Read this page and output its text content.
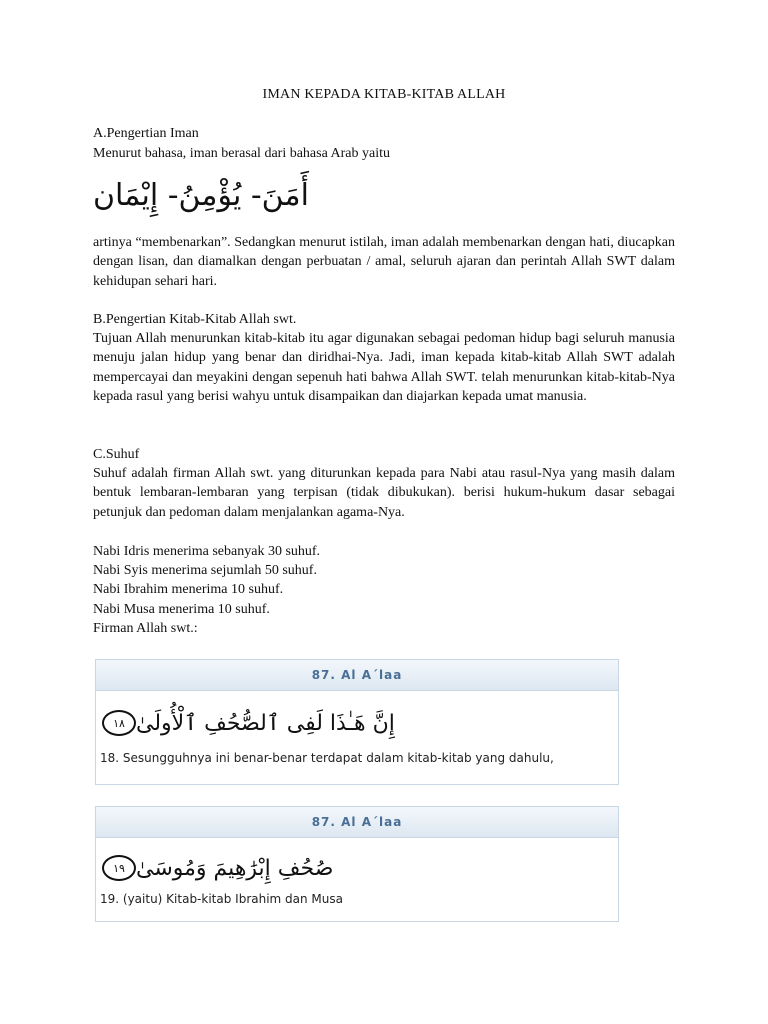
IMAN KEPADA KITAB-KITAB ALLAH
A.Pengertian Iman
Menurut bahasa, iman berasal dari bahasa Arab yaitu
أَمَنَ- يُؤْمِنُ- إِيْمَان
artinya “membenarkan”. Sedangkan menurut istilah, iman adalah membenarkan dengan hati, diucapkan dengan lisan, dan diamalkan dengan perbuatan / amal, seluruh ajaran dan perintah Allah SWT dalam kehidupan sehari hari.
B.Pengertian Kitab-Kitab Allah swt.
Tujuan Allah menurunkan kitab-kitab itu agar digunakan sebagai pedoman hidup bagi seluruh manusia menuju jalan hidup yang benar dan diridhai-Nya. Jadi, iman kepada kitab-kitab Allah SWT adalah mempercayai dan meyakini dengan sepenuh hati bahwa Allah SWT. telah menurunkan kitab-kitab-Nya kepada rasul yang berisi wahyu untuk disampaikan dan diajarkan kepada umat manusia.
C.Suhuf
Suhuf adalah firman Allah swt. yang diturunkan kepada para Nabi atau rasul-Nya yang masih dalam bentuk lembaran-lembaran yang terpisan (tidak dibukukan). berisi hukum-hukum dasar sebagai petunjuk dan pedoman dalam menjalankan agama-Nya.
Nabi Idris menerima sebanyak 30 suhuf.
Nabi Syis menerima sejumlah 50 suhuf.
Nabi Ibrahim menerima 10 suhuf.
Nabi Musa menerima 10 suhuf.
Firman Allah swt.:
87. Al A´laa
إِنَّ هَـٰذَا لَفِى ٱلصُّحُفِ ٱلْأُولَىٰ
١٨
18. Sesungguhnya ini benar-benar terdapat dalam kitab-kitab yang dahulu,
87. Al A´laa
صُحُفِ إِبْرَٰهِيمَ وَمُوسَىٰ
١٩
19. (yaitu) Kitab-kitab Ibrahim dan Musa
